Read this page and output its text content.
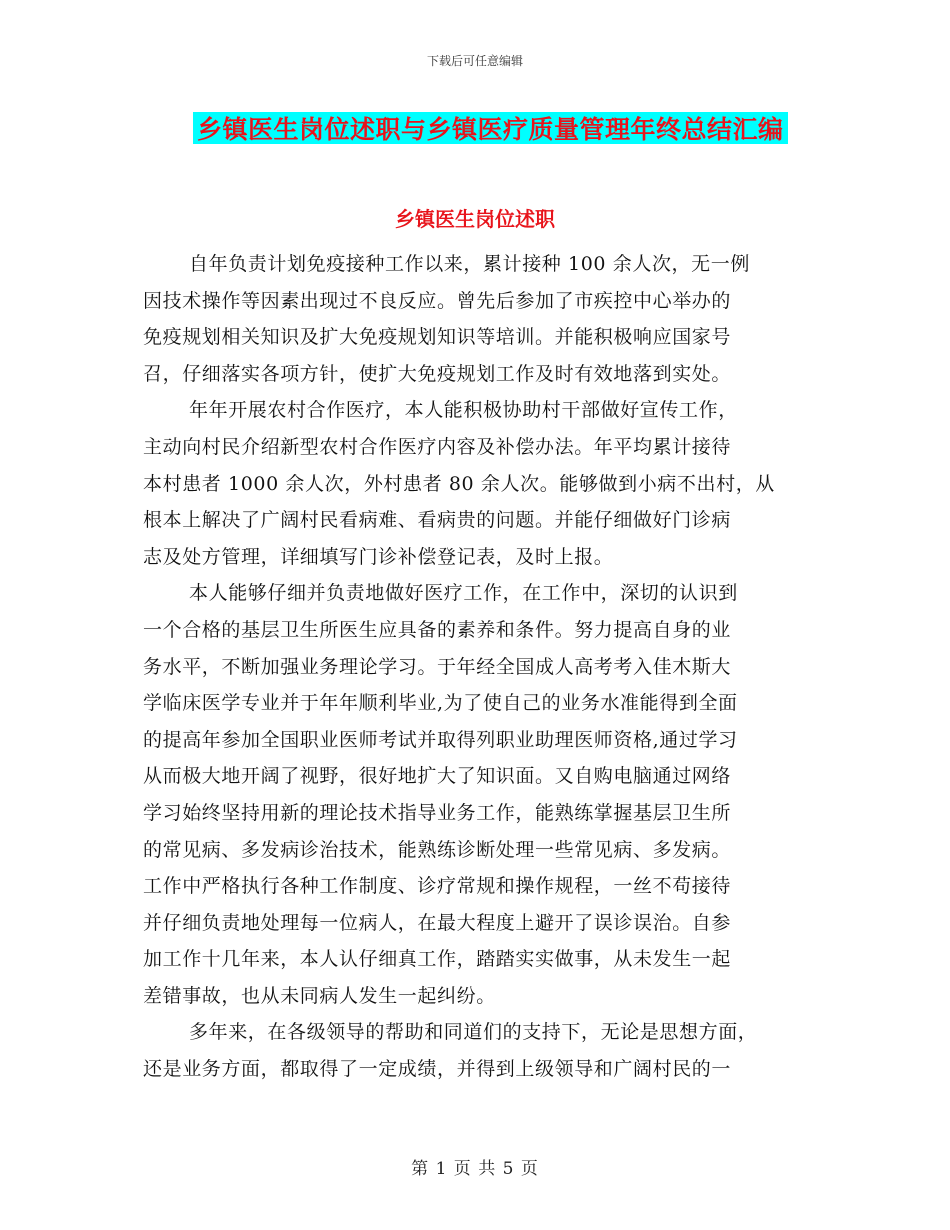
下载后可任意编辑
乡镇医生岗位述职与乡镇医疗质量管理年终总结汇编
乡镇医生岗位述职
自年负责计划免疫接种工作以来，累计接种 100 余人次，无一例
因技术操作等因素出现过不良反应。曾先后参加了市疾控中心举办的
免疫规划相关知识及扩大免疫规划知识等培训。并能积极响应国家号
召，仔细落实各项方针，使扩大免疫规划工作及时有效地落到实处。
年年开展农村合作医疗，本人能积极协助村干部做好宣传工作，
主动向村民介绍新型农村合作医疗内容及补偿办法。年平均累计接待
本村患者 1000 余人次，外村患者 80 余人次。能够做到小病不出村，从
根本上解决了广阔村民看病难、看病贵的问题。并能仔细做好门诊病
志及处方管理，详细填写门诊补偿登记表，及时上报。
本人能够仔细并负责地做好医疗工作，在工作中，深切的认识到
一个合格的基层卫生所医生应具备的素养和条件。努力提高自身的业
务水平，不断加强业务理论学习。于年经全国成人高考考入佳木斯大
学临床医学专业并于年年顺利毕业,为了使自己的业务水准能得到全面
的提高年参加全国职业医师考试并取得列职业助理医师资格,通过学习
从而极大地开阔了视野，很好地扩大了知识面。又自购电脑通过网络
学习始终坚持用新的理论技术指导业务工作，能熟练掌握基层卫生所
的常见病、多发病诊治技术，能熟练诊断处理一些常见病、多发病。
工作中严格执行各种工作制度、诊疗常规和操作规程，一丝不苟接待
并仔细负责地处理每一位病人，在最大程度上避开了误诊误治。自参
加工作十几年来，本人认仔细真工作，踏踏实实做事，从未发生一起
差错事故，也从未同病人发生一起纠纷。
多年来，在各级领导的帮助和同道们的支持下，无论是思想方面，
还是业务方面，都取得了一定成绩，并得到上级领导和广阔村民的一
第 1 页 共 5 页
